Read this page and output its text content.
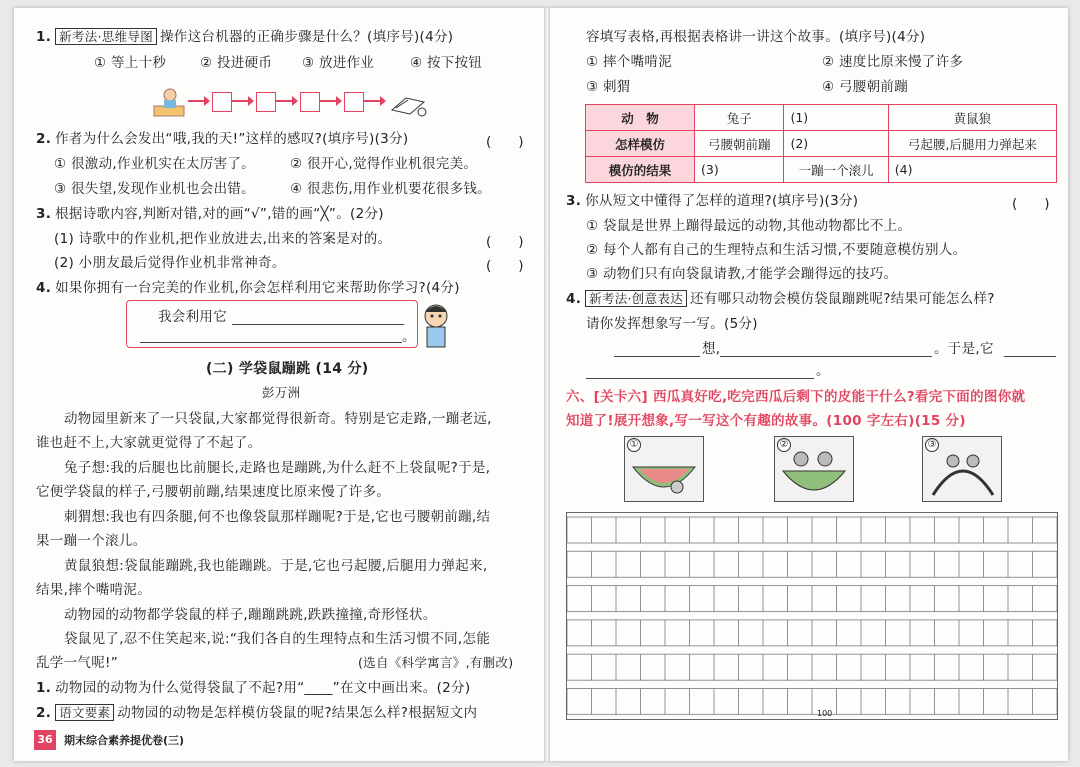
1. 新考法·思维导图 操作这台机器的正确步骤是什么？(填序号)(4分)
① 等上十秒	② 投进硬币 ③ 放进作业	④ 按下按钮
2. 作者为什么会发出“哦,我的天!”这样的感叹?(填序号)(3分)	(　　)
① 很激动,作业机实在太厉害了。	② 很开心,觉得作业机很完美。
③ 很失望,发现作业机也会出错。	④ 很悲伤,用作业机要花很多钱。
3. 根据诗歌内容,判断对错,对的画“√”,错的画“╳”。(2分)
(1) 诗歌中的作业机,把作业放进去,出来的答案是对的。	(　　)
(2) 小朋友最后觉得作业机非常神奇。	(　　)
4. 如果你拥有一台完美的作业机,你会怎样利用它来帮助你学习?(4分)
我会利用它
。
(二) 学袋鼠蹦跳 (14 分)
彭万洲
动物园里新来了一只袋鼠,大家都觉得很新奇。特别是它走路,一蹦老远,
谁也赶不上,大家就更觉得了不起了。
兔子想:我的后腿也比前腿长,走路也是蹦跳,为什么赶不上袋鼠呢?于是,
它便学袋鼠的样子,弓腰朝前蹦,结果速度比原来慢了许多。
刺猬想:我也有四条腿,何不也像袋鼠那样蹦呢?于是,它也弓腰朝前蹦,结
果一蹦一个滚儿。
黄鼠狼想:袋鼠能蹦跳,我也能蹦跳。于是,它也弓起腰,后腿用力弹起来,
结果,摔个嘴啃泥。
动物园的动物都学袋鼠的样子,蹦蹦跳跳,跌跌撞撞,奇形怪状。
袋鼠见了,忍不住笑起来,说:“我们各自的生理特点和生活习惯不同,怎能
乱学一气呢!”	(选自《科学寓言》,有删改)
1. 动物园的动物为什么觉得袋鼠了不起?用“____”在文中画出来。(2分)
2. 语文要素 动物园的动物是怎样模仿袋鼠的呢?结果怎么样?根据短文内
36	期末综合素养提优卷(三)
容填写表格,再根据表格讲一讲这个故事。(填序号)(4分)
① 摔个嘴啃泥	② 速度比原来慢了许多
③ 刺猬	④ 弓腰朝前蹦
动　物	兔子	(1)	黄鼠狼
怎样模仿	弓腰朝前蹦	(2)	弓起腰,后腿用力弹起来
模仿的结果	(3)	一蹦一个滚儿	(4)
3. 你从短文中懂得了怎样的道理?(填序号)(3分)	(　　)
① 袋鼠是世界上蹦得最远的动物,其他动物都比不上。
② 每个人都有自己的生理特点和生活习惯,不要随意模仿别人。
③ 动物们只有向袋鼠请教,才能学会蹦得远的技巧。
4. 新考法·创意表达 还有哪只动物会模仿袋鼠蹦跳呢?结果可能怎么样?
请你发挥想象写一写。(5分)
想,	。于是,它
。
六、[关卡六] 西瓜真好吃,吃完西瓜后剩下的皮能干什么?看完下面的图你就
知道了!展开想象,写一写这个有趣的故事。(100 字左右)(15 分)
①	②	③
100
